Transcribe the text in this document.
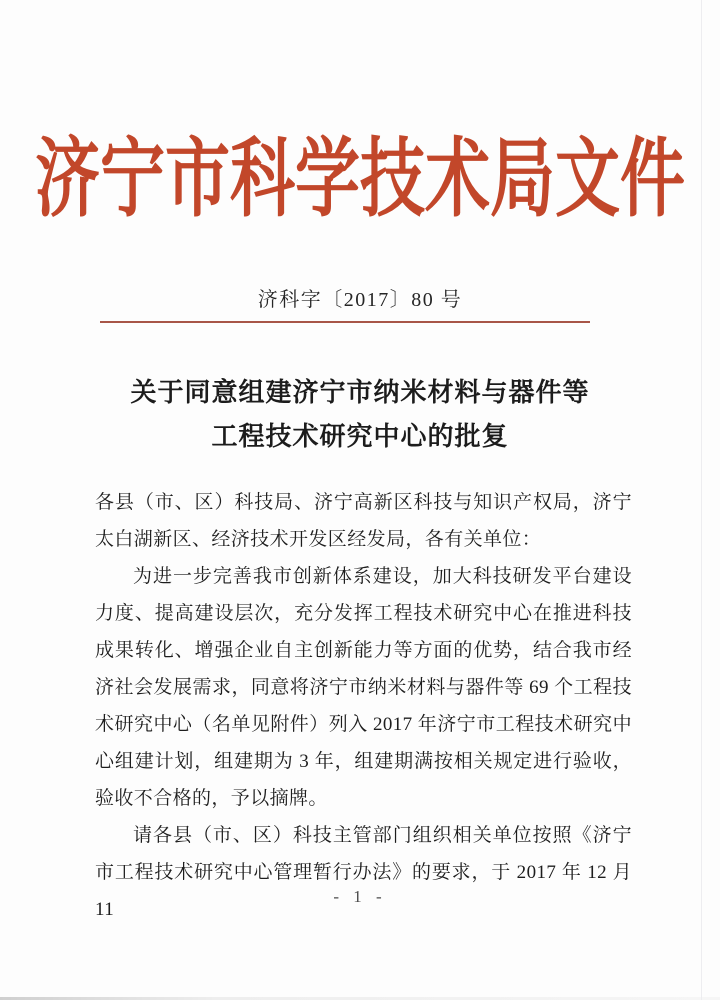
济宁市科学技术局文件
济科字〔2017〕80 号
关于同意组建济宁市纳米材料与器件等
工程技术研究中心的批复

各县（市、区）科技局、济宁高新区科技与知识产权局，济宁太白湖新区、经济技术开发区经发局，各有关单位：

为进一步完善我市创新体系建设，加大科技研发平台建设力度、提高建设层次，充分发挥工程技术研究中心在推进科技成果转化、增强企业自主创新能力等方面的优势，结合我市经济社会发展需求，同意将济宁市纳米材料与器件等 69 个工程技术研究中心（名单见附件）列入 2017 年济宁市工程技术研究中心组建计划，组建期为 3 年，组建期满按相关规定进行验收，验收不合格的，予以摘牌。

请各县（市、区）科技主管部门组织相关单位按照《济宁市工程技术研究中心管理暂行办法》的要求，于 2017 年 12 月 11

- 1 -
